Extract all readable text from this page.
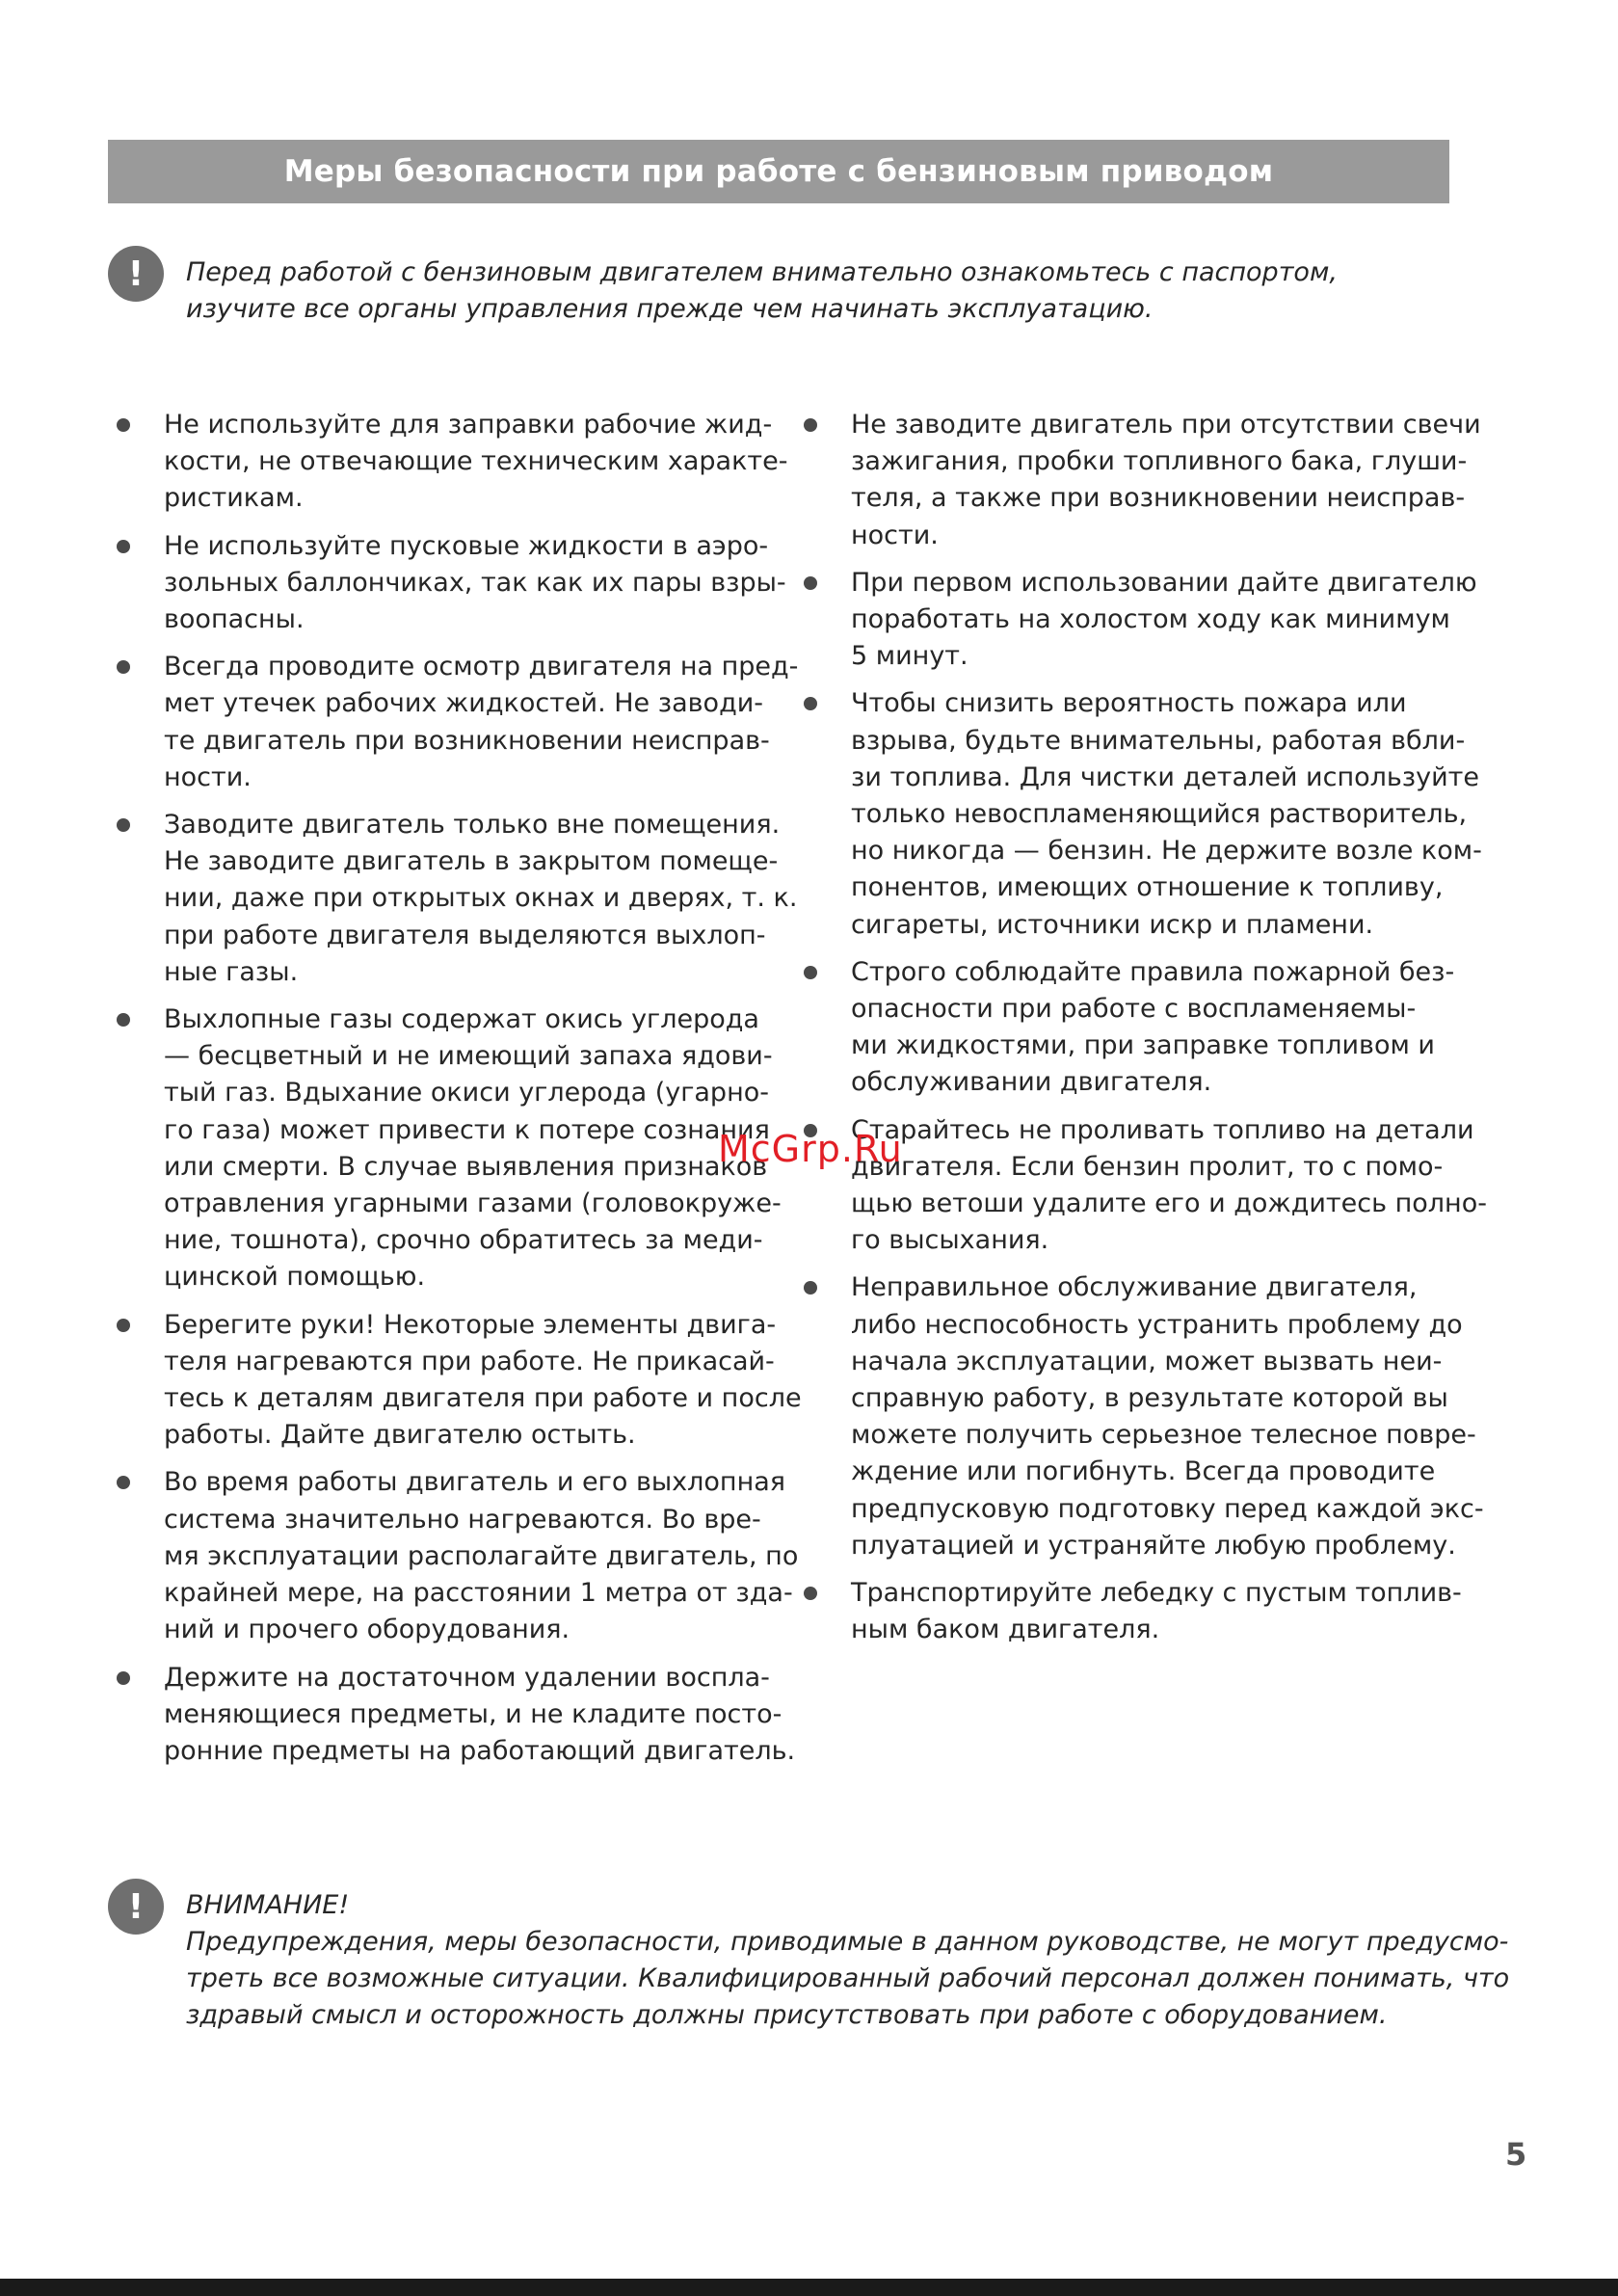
Меры безопасности при работе с бензиновым приводом
! Перед работой с бензиновым двигателем внимательно ознакомьтесь с паспортом,
изучите все органы управления прежде чем начинать эксплуатацию.
Не используйте для заправки рабочие жид-
кости, не отвечающие техническим характе-
ристикам.
Не используйте пусковые жидкости в аэро-
зольных баллончиках, так как их пары взры-
воопасны.
Всегда проводите осмотр двигателя на пред-
мет утечек рабочих жидкостей. Не заводи-
те двигатель при возникновении неисправ-
ности.
Заводите двигатель только вне помещения.
Не заводите двигатель в закрытом помеще-
нии, даже при открытых окнах и дверях, т. к.
при работе двигателя выделяются выхлоп-
ные газы.
Выхлопные газы содержат окись углерода
— бесцветный и не имеющий запаха ядови-
тый газ. Вдыхание окиси углерода (угарно-
го газа) может привести к потере сознания
или смерти. В случае выявления признаков
отравления угарными газами (головокруже-
ние, тошнота), срочно обратитесь за меди-
цинской помощью.
Берегите руки! Некоторые элементы двига-
теля нагреваются при работе. Не прикасай-
тесь к деталям двигателя при работе и после
работы. Дайте двигателю остыть.
Во время работы двигатель и его выхлопная
система значительно нагреваются. Во вре-
мя эксплуатации располагайте двигатель, по
крайней мере, на расстоянии 1 метра от зда-
ний и прочего оборудования.
Держите на достаточном удалении воспла-
меняющиеся предметы, и не кладите посто-
ронние предметы на работающий двигатель.
Не заводите двигатель при отсутствии свечи
зажигания, пробки топливного бака, глуши-
теля, а также при возникновении неисправ-
ности.
При первом использовании дайте двигателю
поработать на холостом ходу как минимум
5 минут.
Чтобы снизить вероятность пожара или
взрыва, будьте внимательны, работая вбли-
зи топлива. Для чистки деталей используйте
только невоспламеняющийся растворитель,
но никогда — бензин. Не держите возле ком-
понентов, имеющих отношение к топливу,
сигареты, источники искр и пламени.
Строго соблюдайте правила пожарной без-
опасности при работе с воспламеняемы-
ми жидкостями, при заправке топливом и
обслуживании двигателя.
Старайтесь не проливать топливо на детали
двигателя. Если бензин пролит, то с помо-
щью ветоши удалите его и дождитесь полно-
го высыхания.
Неправильное обслуживание двигателя,
либо неспособность устранить проблему до
начала эксплуатации, может вызвать неи-
справную работу, в результате которой вы
можете получить серьезное телесное повре-
ждение или погибнуть. Всегда проводите
предпусковую подготовку перед каждой экс-
плуатацией и устраняйте любую проблему.
Транспортируйте лебедку с пустым топлив-
ным баком двигателя.
McGrp.Ru
! ВНИМАНИЕ!
Предупреждения, меры безопасности, приводимые в данном руководстве, не могут предусмо-
треть все возможные ситуации. Квалифицированный рабочий персонал должен понимать, что
здравый смысл и осторожность должны присутствовать при работе с оборудованием.
5
